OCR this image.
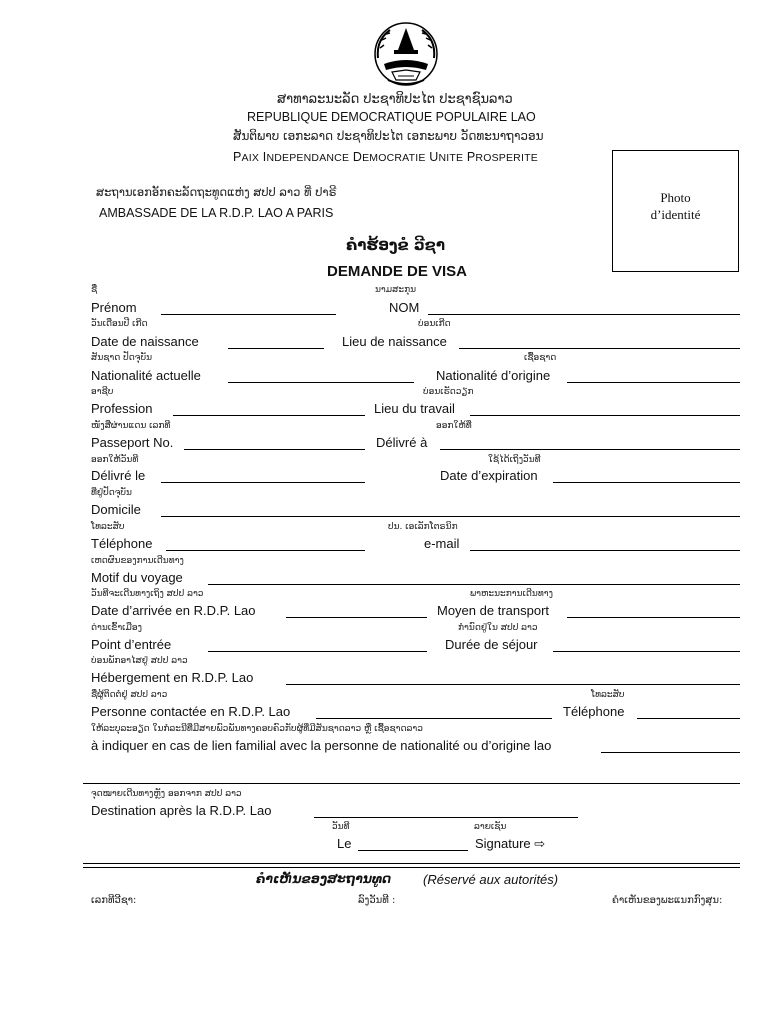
ສາທາລະນະລັດ ປະຊາທິປະໄຕ ປະຊາຊົນລາວ
REPUBLIQUE DEMOCRATIQUE POPULAIRE LAO
ສັນຕິພາບ ເອກະລາດ ປະຊາທິປະໄຕ ເອກະພາບ ວັດທະນາຖາວອນ
PAIX INDEPENDANCE DEMOCRATIE UNITE PROSPERITE
ສະຖານເອກອັກຄະລັດຖະທູດແຫ່ງ ສປປ ລາວ ທີ່ ປາຣີ
AMBASSADE DE LA R.D.P. LAO A PARIS
Photo
d’identité
ຄຳຮ້ອງຂໍ ວີຊາ
DEMANDE DE VISA
ຊື່	ນາມສະກຸນ
Prénom	NOM
ວັນເດືອນປີ ເກີດ	ບ່ອນເກີດ
Date de naissance	Lieu de naissance
ສັນຊາດ ປັດຈຸບັນ	ເຊື້ອຊາດ
Nationalité actuelle	Nationalité d’origine
ອາຊີບ	ບ່ອນເຮັດວຽກ
Profession	Lieu du travail
ໜັງສືຜ່ານແດນ ເລກທີ	ອອກໃຫ້ທີ່
Passeport No.	Délivré à
ອອກໃຫ້ວັນທີ	ໃຊ້ໄດ້ເຖິງວັນທີ
Délivré le	Date d’expiration
ທີ່ຢູ່ປັດຈຸບັນ
Domicile
ໂທລະສັບ	ປນ. ເອເລັກໂຕຣນິກ
Téléphone	e-mail
ເຫດຜົນຂອງການເດີນທາງ
Motif du voyage
ວັນທີຈະເດີນທາງເຖິງ ສປປ ລາວ	ພາຫະນະການເດີນທາງ
Date d’arrivée en R.D.P. Lao	Moyen de transport
ດ່ານເຂົ້າເມືອງ	ກຳນົດຢູ່ໃນ ສປປ ລາວ
Point d’entrée	Durée de séjour
ບ່ອນພັກອາໄສຢູ່ ສປປ ລາວ
Hébergement en R.D.P. Lao
ຊື່ຜູ້ຕິດຕໍ່ຢູ່ ສປປ ລາວ	ໂທລະສັບ
Personne contactée en R.D.P. Lao	Téléphone
ໃຫ້ລະບຸລະອຽດ ໃນກໍລະນີທີ່ມີສາຍພົວພັນທາງຄອບຄົວກັບຜູ້ທີ່ມີສັນຊາດລາວ ຫຼື ເຊື້ອຊາດລາວ
à indiquer en cas de lien familial avec la personne de nationalité ou d’origine lao
ຈຸດໝາຍເດີນທາງຫຼັງ ອອກຈາກ ສປປ ລາວ
Destination après la R.D.P. Lao
ວັນທີ	ລາຍເຊັນ
Le	Signature ⇨
ຄຳເຫັນຂອງສະຖານທູດ (Réservé aux autorités)
ເລກທີວີຊາ:	ລົງວັນທີ :	ຄຳເຫັນຂອງພະແນກກົງສຸນ:
